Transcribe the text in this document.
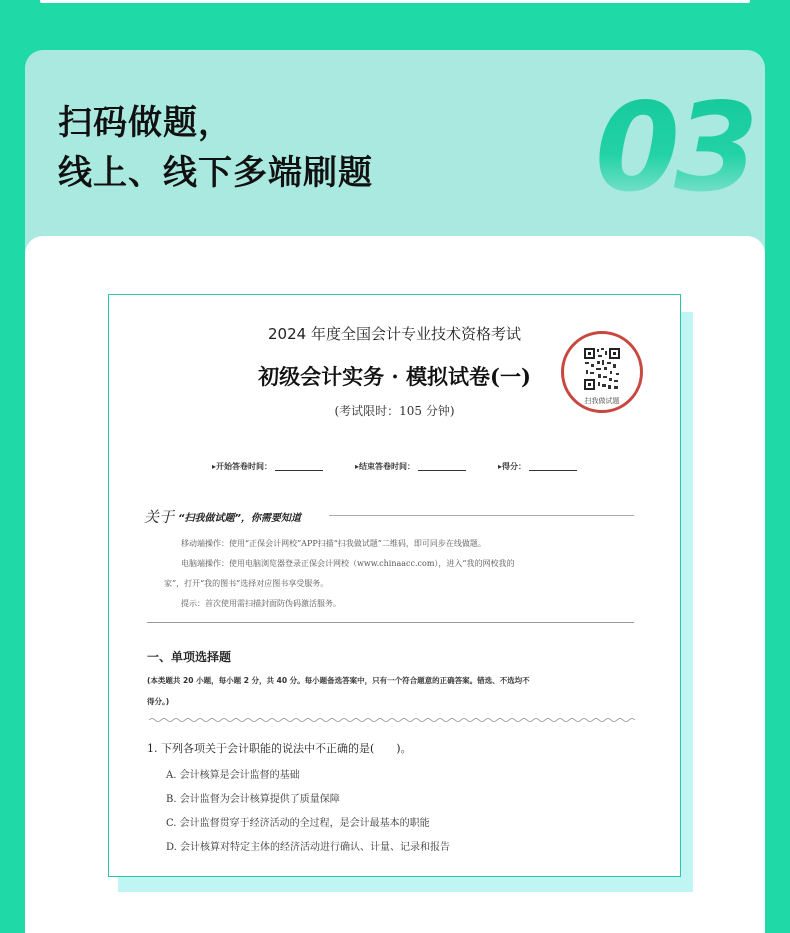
扫码做题，
线上、线下多端刷题 03
2024 年度全国会计专业技术资格考试
初级会计实务 · 模拟试卷(一)
(考试限时：105 分钟)
扫我做试题
▸开始答卷时间：	▸结束答卷时间：	▸得分：
关于 “扫我做试题”，你需要知道
移动端操作：使用“正保会计网校”APP扫描“扫我做试题”二维码，即可同步在线做题。
电脑端操作：使用电脑浏览器登录正保会计网校（www.chinaacc.com），进入“我的网校我的
家”，打开“我的图书”选择对应图书享受服务。
提示：首次使用需扫描封面防伪码激活服务。
一、单项选择题
(本类题共 20 小题，每小题 2 分，共 40 分。每小题备选答案中，只有一个符合题意的正确答案。错选、不选均不
得分。)
1. 下列各项关于会计职能的说法中不正确的是(　　)。
A. 会计核算是会计监督的基础
B. 会计监督为会计核算提供了质量保障
C. 会计监督贯穿于经济活动的全过程，是会计最基本的职能
D. 会计核算对特定主体的经济活动进行确认、计量、记录和报告
